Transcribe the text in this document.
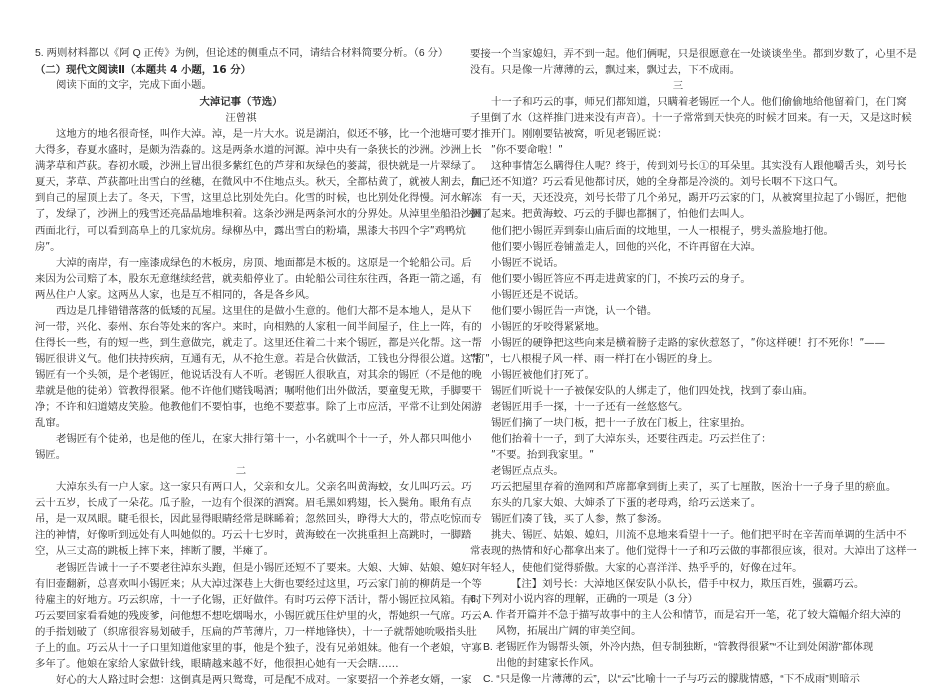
5. 两则材料都以《阿 Q 正传》为例，但论述的侧重点不同，请结合材料简要分析。（6 分）
（二）现代文阅读Ⅱ（本题共 4 小题，16 分）
阅读下面的文字，完成下面小题。
大淖记事（节选）
汪曾祺
这地方的地名很奇怪，叫作大淖。淖，是一片大水。说是湖泊，似还不够，比一个池塘可要
大得多，春夏水盛时，是颇为浩淼的。这是两条水道的河源。淖中央有一条狭长的沙洲。沙洲上长
满茅草和芦荻。春初水暖，沙洲上冒出很多紫红色的芦芽和灰绿色的蒌蒿，很快就是一片翠绿了。
夏天，茅草、芦荻都吐出雪白的丝穗，在微风中不住地点头。秋天，全都枯黄了，就被人割去，加
到自己的屋顶上去了。冬天，下雪，这里总比别处先白。化雪的时候，也比别处化得慢。河水解冻
了，发绿了，沙洲上的残雪还亮晶晶地堆积着。这条沙洲是两条河水的分界处。从淖里坐船沿沙洲
西面北行，可以看到高阜上的几家炕房。绿柳丛中，露出雪白的粉墙，黑漆大书四个字ʺ鸡鸭炕
房ʺ。
大淖的南岸，有一座漆成绿色的木板房，房顶、地面都是木板的。这原是一个轮船公司。后
来因为公司赔了本，股东无意继续经营，就卖船停业了。由轮船公司往东往西，各距一箭之遥，有
两丛住户人家。这两丛人家，也是互不相同的，各是各乡风。
西边是几排错错落落的低矮的瓦屋。这里住的是做小生意的。他们大都不是本地人，是从下
河一带，兴化、泰州、东台等处来的客户。来时，向相熟的人家租一间半间屋子，住上一阵，有的
住得长一些，有的短一些，到生意做完，就走了。这里还住着二十来个锡匠，都是兴化帮。这一帮
锡匠很讲义气。他们扶持疾病，互通有无，从不抢生意。若是合伙做活，工钱也分得很公道。这帮
锡匠有一个头领，是个老锡匠，他说话没有人不听。老锡匠人很耿直，对其余的锡匠（不是他的晚
辈就是他的徒弟）管教得很紧。他不许他们赌钱喝酒；嘱咐他们出外做活，要童叟无欺，手脚要干
净；不许和妇道嬉皮笑脸。他教他们不要怕事，也绝不要惹事。除了上市应活，平常不让到处闲游
乱窜。
老锡匠有个徒弟，也是他的侄儿，在家大排行第十一，小名就叫个十一子，外人都只叫他小
锡匠。
二
大淖东头有一户人家。这一家只有两口人，父亲和女儿。父亲名叫黄海蛟，女儿叫巧云。巧
云十五岁，长成了一朵花。瓜子脸，一边有个很深的酒窝。眉毛黑如鸦翅，长入鬓角。眼角有点
吊，是一双凤眼。睫毛很长，因此显得眼睛经常是眯睎着；忽然回头，睁得大大的，带点吃惊而专
注的神情，好像听到远处有人叫她似的。巧云十七岁时，黄海蛟在一次挑重担上高跳时，一脚踏
空，从三丈高的跳板上摔下来，摔断了腰，半瘫了。
老锡匠告诫十一子不要老往淖东头跑，但是小锡匠还短不了要来。大娘、大婶、姑娘、媳妇
有旧壶翻新，总喜欢叫小锡匠来；从大淖过深巷上大街也要经过这里，巧云家门前的柳荫是一个等
待雇主的好地方。巧云织席，十一子化锡，正好做伴。有时巧云停下活计，帮小锡匠拉风箱。有时
巧云要回家看看她的残废爹，问他想不想吃烟喝水，小锡匠就压住炉里的火，帮她织一气席。巧云
的手指划破了（织席很容易划破手，压扁的芦苇薄片，刀一样地锋快），十一子就帮她吮吸指头肚
子上的血。巧云从十一子口里知道他家里的事，他是个独子，没有兄弟姐妹。他有一个老娘，守寡
多年了。他娘在家给人家做针线，眼睛越来越不好，他很担心她有一天会瞎……
好心的大人路过时会想：这倒真是两只鸳鸯，可是配不成对。一家要招一个养老女婿，一家
要接一个当家媳妇，弄不到一起。他们俩呢，只是很愿意在一处谈谈坐坐。都到岁数了，心里不是
没有。只是像一片薄薄的云，飘过来，飘过去，下不成雨。
三
十一子和巧云的事，师兄们都知道，只瞒着老锡匠一个人。他们偷偷地给他留着门，在门窝
子里倒了水（这样推门进来没有声音）。十一子常常到天快亮的时候才回来。有一天，又是这时候
才推开门。刚刚要钻被窝，听见老锡匠说：
ʺ你不要命啦！ʺ
这种事情怎么瞒得住人呢？终于，传到刘号长①的耳朵里。其实没有人跟他嚼舌头，刘号长
自己还不知道？巧云看见他都讨厌，她的全身都是冷淡的。刘号长咽不下这口气。
有一天，天还没亮，刘号长带了几个弟兄，踢开巧云家的门，从被窝里拉起了小锡匠，把他
捆了起来。把黄海蛟、巧云的手脚也都捆了，怕他们去叫人。
他们把小锡匠弄到泰山庙后面的坟地里，一人一根棍子，劈头盖脸地打他。
他们要小锡匠卷铺盖走人，回他的兴化，不许再留在大淖。
小锡匠不说话。
他们要小锡匠答应不再走进黄家的门，不挨巧云的身子。
小锡匠还是不说话。
他们要小锡匠告一声饶，认一个错。
小锡匠的牙咬得紧紧地。
小锡匠的硬铮把这些向来是横着膀子走路的家伙惹怒了，ʺ你这样硬！打不死你！ʺ——
ʺ打ʺ，七八根棍子风一样、雨一样打在小锡匠的身上。
小锡匠被他们打死了。
锡匠们听说十一子被保安队的人绑走了，他们四处找，找到了泰山庙。
老锡匠用手一探，十一子还有一丝悠悠气。
锡匠们摘了一块门板，把十一子放在门板上，往家里抬。
他们抬着十一子，到了大淖东头，还要往西走。巧云拦住了：
ʺ不要。抬到我家里。ʺ
老锡匠点点头。
巧云把屋里存着的渔网和芦席都拿到街上卖了，买了七厘散，医治十一子身子里的瘀血。
东头的几家大娘、大婶杀了下蛋的老母鸡，给巧云送来了。
锡匠们凑了钱，买了人参，熬了参汤。
挑夫、锡匠、姑娘、媳妇，川流不息地来看望十一子。他们把平时在辛苦而单调的生活中不
常表现的热情和好心都拿出来了。他们觉得十一子和巧云做的事都很应该，很对。大淖出了这样一
对年轻人，使他们觉得骄傲。大家的心喜洋洋、热乎乎的，好像在过年。
【注】刘号长：大淖地区保安队小队长，借手中权力，欺压百姓，强霸巧云。
6. 下列对小说内容的理解，正确的一项是（3 分）
A. 作者开篇并不急于描写故事中的主人公和情节，而是宕开一笔，花了较大篇幅介绍大淖的
风物，拓展出广阔的审美空间。
B. 老锡匠作为锡帮头领，外冷内热，但专制独断，“管教得很紧”“不让到处闲游”都体现
出他的封建家长作风。
C. “只是像一片薄薄的云”，以“云”比喻十一子与巧云的朦胧情感，“下不成雨”则暗示
